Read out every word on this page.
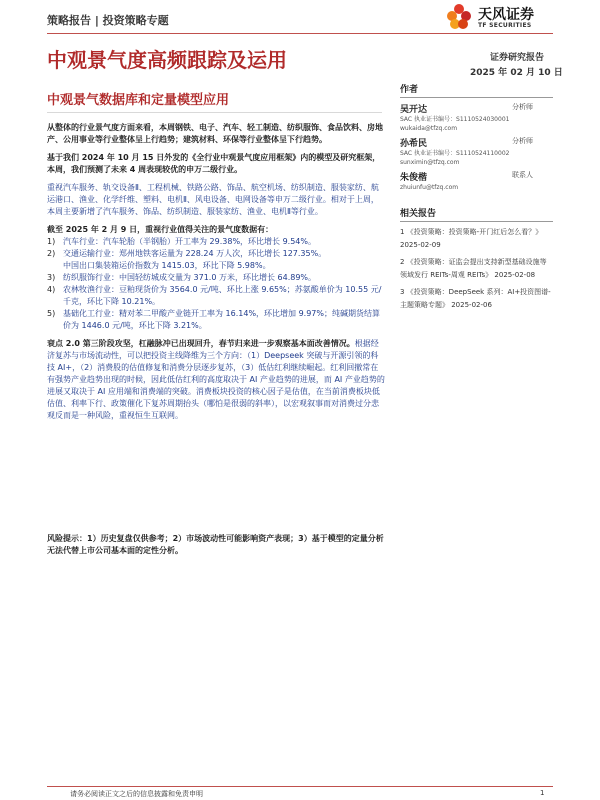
策略报告 | 投资策略专题	天风证券
TF SECURITIES
中观景气度高频跟踪及运用	证券研究报告
2025 年 02 月 10 日
中观景气数据库和定量模型应用

从整体的行业景气度方面来看，本周钢铁、电子、汽车、轻工制造、纺织服饰、食品饮料、房地产、公用事业等行业整体呈上行趋势；建筑材料、环保等行业整体呈下行趋势。

基于我们 2024 年 10 月 15 日外发的《全行业中观景气度应用框架》内的模型及研究框架，本周，我们预测了未来 4 周表现较优的申万二级行业。

重视汽车服务、轨交设备Ⅱ、工程机械、铁路公路、饰品、航空机场、纺织制造、服装家纺、航运港口、渔业、化学纤维、塑料、电机Ⅱ、风电设备、电网设备等申万二级行业。相对于上周，本周主要新增了汽车服务、饰品、纺织制造、服装家纺、渔业、电机Ⅱ等行业。

截至 2025 年 2 月 9 日，重视行业值得关注的景气度数据有：
1) 汽车行业：汽车轮胎（半钢胎）开工率为 29.38%，环比增长 9.54%。
2) 交通运输行业：郑州地铁客运量为 228.24 万人次，环比增长 127.35%。
中国出口集装箱运价指数为 1415.03，环比下降 5.98%。
3) 纺织服饰行业：中国轻纺城成交量为 371.0 万米，环比增长 64.89%。
4) 农林牧渔行业：豆粕现货价为 3564.0 元/吨、环比上涨 9.65%；苏氨酸单价为 10.55 元/千克，环比下降 10.21%。
5) 基础化工行业：精对苯二甲酸产业链开工率为 16.14%，环比增加 9.97%；纯碱期货结算价为 1446.0 元/吨，环比下降 3.21%。

衰点 2.0 第三阶段攻坚，杠融脉冲已出现回升，春节归来进一步观察基本面改善情况。根据经济复苏与市场流动性，可以把投资主线降维为三个方向：（1）Deepseek 突破与开源引领的科技 AI+，（2）消费股的估值修复和消费分层逐步复苏，（3）低估红利继续崛起。红利回撤常在有强势产业趋势出现的时候，因此低估红利的高度取决于 AI 产业趋势的进展，而 AI 产业趋势的进展又取决于 AI 应用端和消费端的突破。消费板块投资的核心因子是估值，在当前消费板块低估值、利率下行、政策催化下复苏周期抬头（哪怕是很弱的斜率），以宏观叙事而对消费过分悲观反而是一种风险，重视恒生互联网。

风险提示：1）历史复盘仅供参考；2）市场波动性可能影响资产表现；3）基于模型的定量分析无法代替上市公司基本面的定性分析。
作者
吴开达	分析师
SAC 执业证书编号：S1110524030001
wukaida@tfzq.com
孙希民	分析师
SAC 执业证书编号：S1110524110002
sunximin@tfzq.com
朱俊楷	联系人
zhuiunfu@tfzq.com
相关报告
1 《投资策略：投资策略-开门红后怎么看？》 2025-02-09
2 《投资策略：证监会提出支持新型基础设施等领域发行 REITs-周观 REITs》 2025-02-08
3 《投资策略：DeepSeek 系列：AI+投资图谱-主题策略专题》 2025-02-06
请务必阅读正文之后的信息披露和免责申明	1
